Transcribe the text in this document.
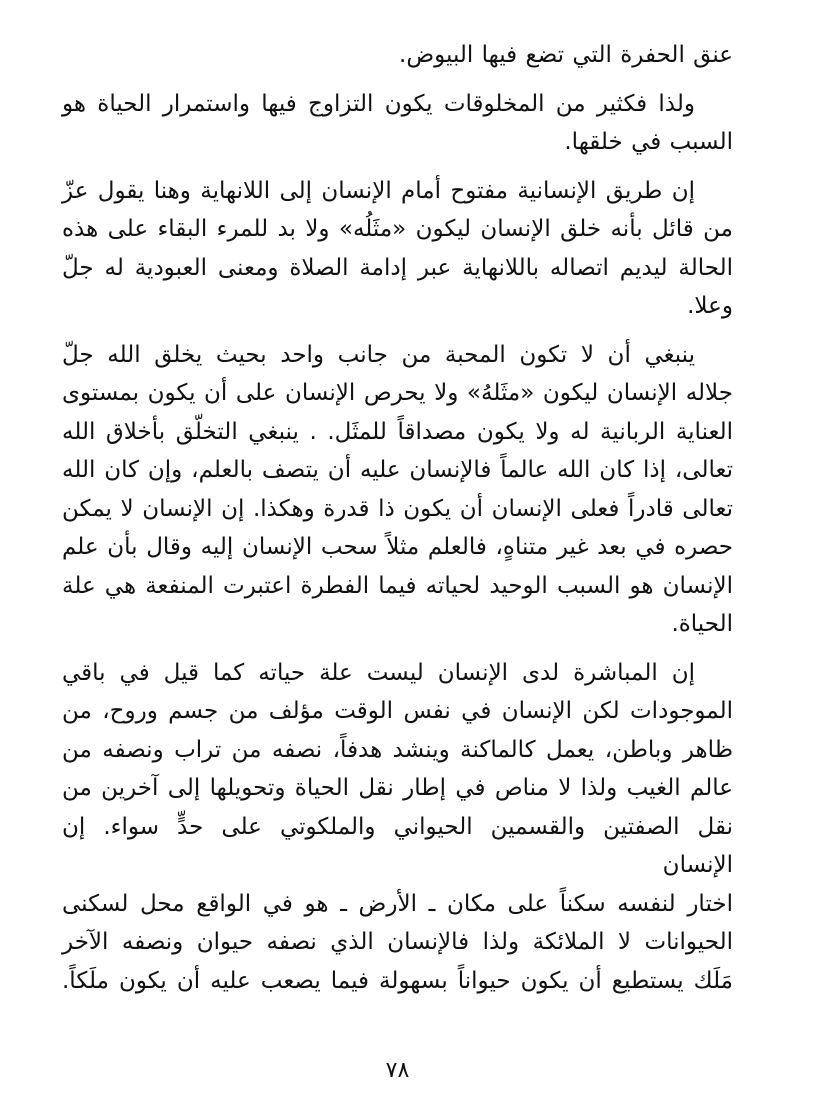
عنق الحفرة التي تضع فيها البيوض.

ولذا فكثير من المخلوقات يكون التزاوج فيها واستمرار الحياة هو
السبب في خلقها.

إن طريق الإنسانية مفتوح أمام الإنسان إلى اللانهاية وهنا يقول عزّ
من قائل بأنه خلق الإنسان ليكون «مثَلُه» ولا بد للمرء البقاء على هذه
الحالة ليديم اتصاله باللانهاية عبر إدامة الصلاة ومعنى العبودية له جلّ
وعلا.

ينبغي أن لا تكون المحبة من جانب واحد بحيث يخلق الله جلّ
جلاله الإنسان ليكون «مثَلهُ» ولا يحرص الإنسان على أن يكون بمستوى
العناية الربانية له ولا يكون مصداقاً للمثَل. . ينبغي التخلّق بأخلاق الله
تعالى، إذا كان الله عالماً فالإنسان عليه أن يتصف بالعلم، وإن كان الله
تعالى قادراً فعلى الإنسان أن يكون ذا قدرة وهكذا. إن الإنسان لا يمكن
حصره في بعد غير متناهٍ، فالعلم مثلاً سحب الإنسان إليه وقال بأن علم
الإنسان هو السبب الوحيد لحياته فيما الفطرة اعتبرت المنفعة هي علة
الحياة.

إن المباشرة لدى الإنسان ليست علة حياته كما قيل في باقي
الموجودات لكن الإنسان في نفس الوقت مؤلف من جسم وروح، من
ظاهر وباطن، يعمل كالماكنة وينشد هدفاً، نصفه من تراب ونصفه من
عالم الغيب ولذا لا مناص في إطار نقل الحياة وتحويلها إلى آخرين من
نقل الصفتين والقسمين الحيواني والملكوتي على حدٍّ سواء. إن الإنسان
اختار لنفسه سكناً على مكان ـ الأرض ـ هو في الواقع محل لسكنى
الحيوانات لا الملائكة ولذا فالإنسان الذي نصفه حيوان ونصفه الآخر
مَلَك يستطيع أن يكون حيواناً بسهولة فيما يصعب عليه أن يكون ملَكاً.

٧٨
